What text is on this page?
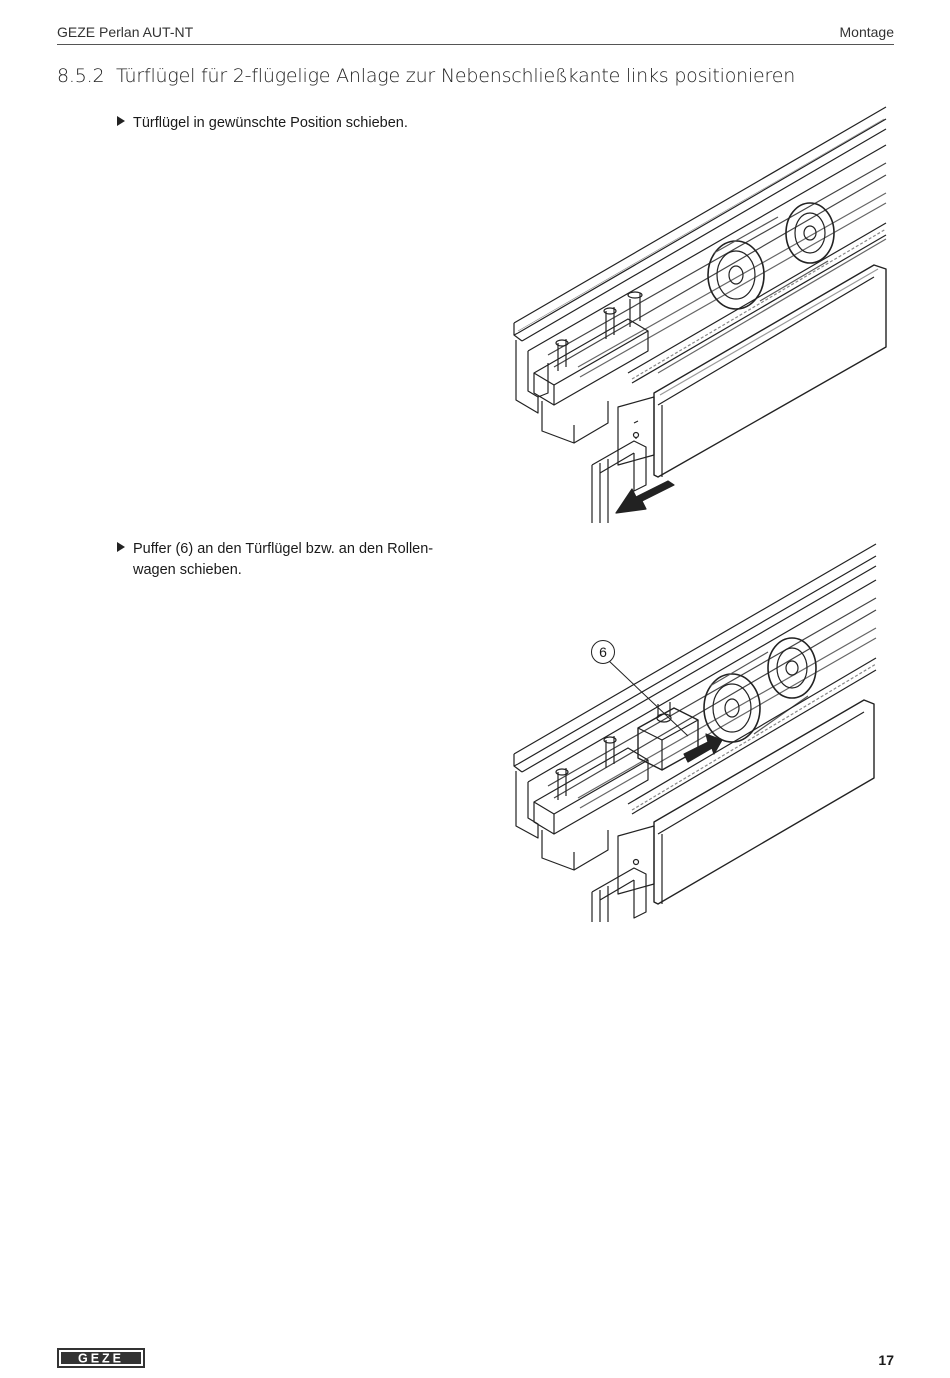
GEZE Perlan AUT-NT	Montage
8.5.2 Türflügel für 2-flügelige Anlage zur Nebenschließkante links positionieren
Türflügel in gewünschte Position schieben.
Puffer (6) an den Türflügel bzw. an den Rollen-
wagen schieben.
6
GEZE	17
